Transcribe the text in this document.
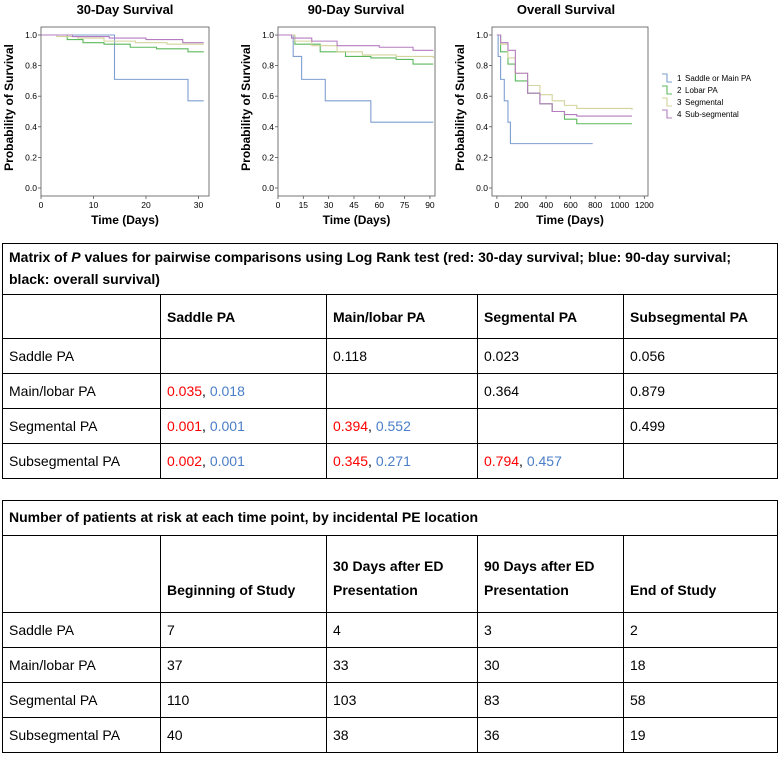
30-Day Survival
0.0
0.2
0.4
0.6
0.8
1.0
0	10	20	30
Time (Days)
Probability of Survival
90-Day Survival
0.0
0.2
0.4
0.6
0.8
1.0
0 15 30 45 60 75 90
Time (Days)
Probability of Survival
Overall Survival
0.0
0.2
0.4
0.6
0.8
1.0
0 200 400 600 800 1000 1200
Time (Days)
Probability of Survival	1 Saddle or Main PA
2 Lobar PA
3 Segmental
4 Sub-segmental
Matrix of P values for pairwise comparisons using Log Rank test (red: 30-day survival; blue: 90-day survival; black: overall survival)				
	Saddle PA	Main/lobar PA	Segmental PA	Subsegmental PA
Saddle PA		0.118	0.023	0.056
Main/lobar PA	0.035, 0.018		0.364	0.879
Segmental PA	0.001, 0.001	0.394, 0.552		0.499
Subsegmental PA	0.002, 0.001	0.345, 0.271	0.794, 0.457	
Number of patients at risk at each time point, by incidental PE location				
	Beginning of Study	30 Days after ED Presentation	90 Days after ED Presentation	End of Study
Saddle PA	7	4	3	2
Main/lobar PA	37	33	30	18
Segmental PA	110	103	83	58
Subsegmental PA	40	38	36	19
